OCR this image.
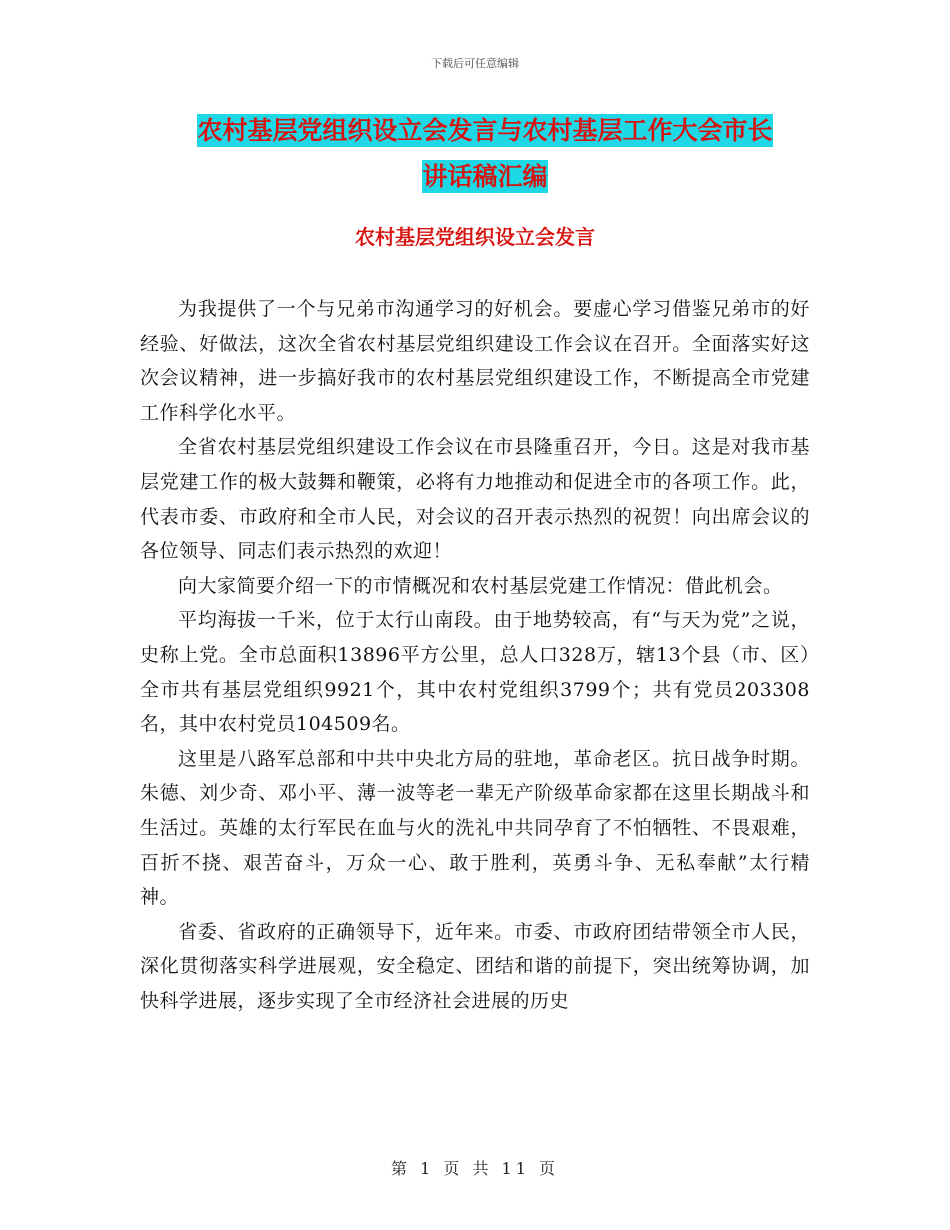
下载后可任意编辑
农村基层党组织设立会发言与农村基层工作大会市长
讲话稿汇编
农村基层党组织设立会发言

为我提供了一个与兄弟市沟通学习的好机会。要虚心学习借鉴兄弟市的好经验、好做法，这次全省农村基层党组织建设工作会议在召开。全面落实好这次会议精神，进一步搞好我市的农村基层党组织建设工作，不断提高全市党建工作科学化水平。

全省农村基层党组织建设工作会议在市县隆重召开，今日。这是对我市基层党建工作的极大鼓舞和鞭策，必将有力地推动和促进全市的各项工作。此，代表市委、市政府和全市人民，对会议的召开表示热烈的祝贺！向出席会议的各位领导、同志们表示热烈的欢迎！

向大家简要介绍一下的市情概况和农村基层党建工作情况：借此机会。

平均海拔一千米，位于太行山南段。由于地势较高，有“与天为党”之说，史称上党。全市总面积13896平方公里，总人口328万，辖13个县（市、区）全市共有基层党组织9921个，其中农村党组织3799个；共有党员203308名，其中农村党员104509名。

这里是八路军总部和中共中央北方局的驻地，革命老区。抗日战争时期。朱德、刘少奇、邓小平、薄一波等老一辈无产阶级革命家都在这里长期战斗和生活过。英雄的太行军民在血与火的洗礼中共同孕育了不怕牺牲、不畏艰难，百折不挠、艰苦奋斗，万众一心、敢于胜利，英勇斗争、无私奉献”太行精神。

省委、省政府的正确领导下，近年来。市委、市政府团结带领全市人民，深化贯彻落实科学进展观，安全稳定、团结和谐的前提下，突出统筹协调，加快科学进展，逐步实现了全市经济社会进展的历史

第 1 页 共 11 页
